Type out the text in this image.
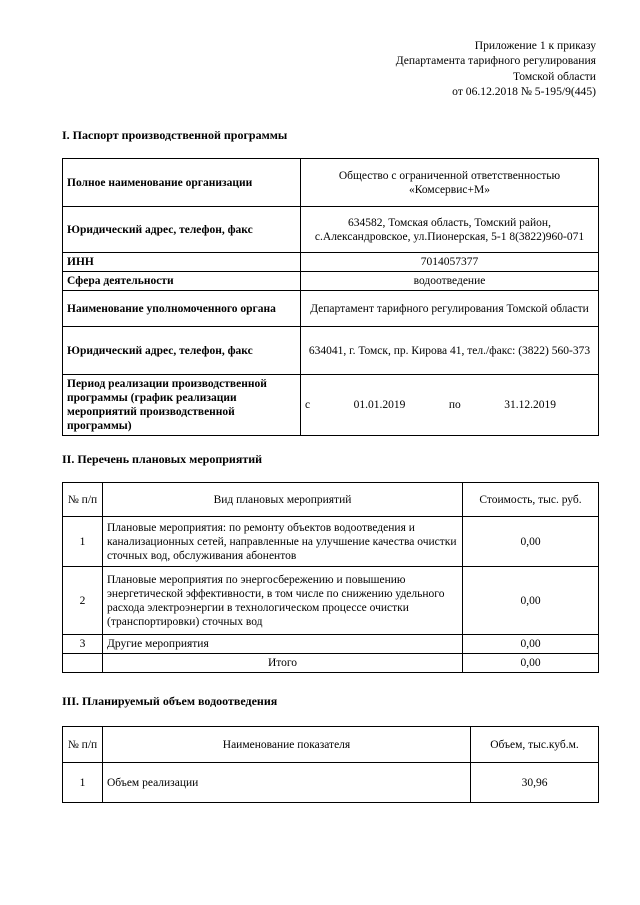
Приложение 1 к приказу
Департамента тарифного регулирования
Томской области
от 06.12.2018 № 5-195/9(445)
I. Паспорт производственной программы
Полное наименование организации	Общество с ограниченной ответственностью «Комсервис+М»
Юридический адрес, телефон, факс	634582, Томская область, Томский район, с.Александровское, ул.Пионерская, 5-1 8(3822)960-071
ИНН	7014057377
Сфера деятельности	водоотведение
Наименование уполномоченного органа	Департамент тарифного регулирования Томской области
Юридический адрес, телефон, факс	634041, г. Томск, пр. Кирова 41, тел./факс: (3822) 560-373
Период реализации производственной программы (график реализации мероприятий производственной программы)	с 01.01.2019 по 31.12.2019
II. Перечень плановых мероприятий
№ п/п	Вид плановых мероприятий	Стоимость, тыс. руб.
1	Плановые мероприятия: по ремонту объектов водоотведения и канализационных сетей, направленные на улучшение качества очистки сточных вод, обслуживания абонентов	0,00
2	Плановые мероприятия по энергосбережению и повышению энергетической эффективности, в том числе по снижению удельного расхода электроэнергии в технологическом процессе очистки (транспортировки) сточных вод	0,00
3	Другие мероприятия	0,00
	Итого	0,00
III. Планируемый объем водоотведения
№ п/п	Наименование показателя	Объем, тыс.куб.м.
1	Объем реализации	30,96
